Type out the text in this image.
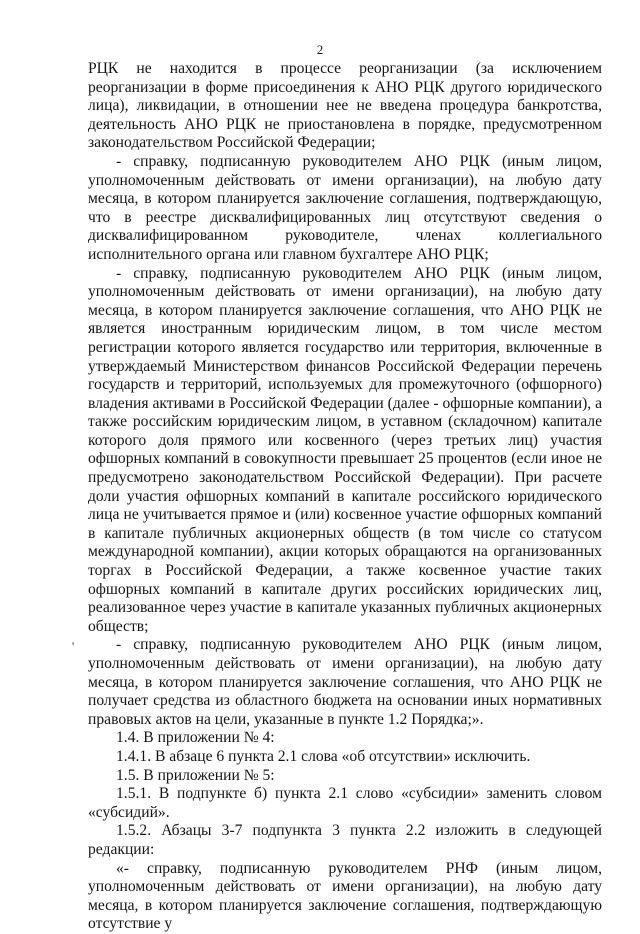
2

РЦК не находится в процессе реорганизации (за исключением реорганизации в форме присоединения к АНО РЦК другого юридического лица), ликвидации, в отношении нее не введена процедура банкротства, деятельность АНО РЦК не приостановлена в порядке, предусмотренном законодательством Российской Федерации;

- справку, подписанную руководителем АНО РЦК (иным лицом, уполномоченным действовать от имени организации), на любую дату месяца, в котором планируется заключение соглашения, подтверждающую, что в реестре дисквалифицированных лиц отсутствуют сведения о дисквалифицированном руководителе, членах коллегиального исполнительного органа или главном бухгалтере АНО РЦК;

- справку, подписанную руководителем АНО РЦК (иным лицом, уполномоченным действовать от имени организации), на любую дату месяца, в котором планируется заключение соглашения, что АНО РЦК не является иностранным юридическим лицом, в том числе местом регистрации которого является государство или территория, включенные в утверждаемый Министерством финансов Российской Федерации перечень государств и территорий, используемых для промежуточного (офшорного) владения активами в Российской Федерации (далее - офшорные компании), а также российским юридическим лицом, в уставном (складочном) капитале которого доля прямого или косвенного (через третьих лиц) участия офшорных компаний в совокупности превышает 25 процентов (если иное не предусмотрено законодательством Российской Федерации). При расчете доли участия офшорных компаний в капитале российского юридического лица не учитывается прямое и (или) косвенное участие офшорных компаний в капитале публичных акционерных обществ (в том числе со статусом международной компании), акции которых обращаются на организованных торгах в Российской Федерации, а также косвенное участие таких офшорных компаний в капитале других российских юридических лиц, реализованное через участие в капитале указанных публичных акционерных обществ;

- справку, подписанную руководителем АНО РЦК (иным лицом, уполномоченным действовать от имени организации), на любую дату месяца, в котором планируется заключение соглашения, что АНО РЦК не получает средства из областного бюджета на основании иных нормативных правовых актов на цели, указанные в пункте 1.2 Порядка;».

1.4. В приложении № 4:

1.4.1. В абзаце 6 пункта 2.1 слова «об отсутствии» исключить.

1.5. В приложении № 5:

1.5.1. В подпункте б) пункта 2.1 слово «субсидии» заменить словом «субсидий».

1.5.2. Абзацы 3-7 подпункта 3 пункта 2.2 изложить в следующей редакции:

«- справку, подписанную руководителем РНФ (иным лицом, уполномоченным действовать от имени организации), на любую дату месяца, в котором планируется заключение соглашения, подтверждающую отсутствие у

'
